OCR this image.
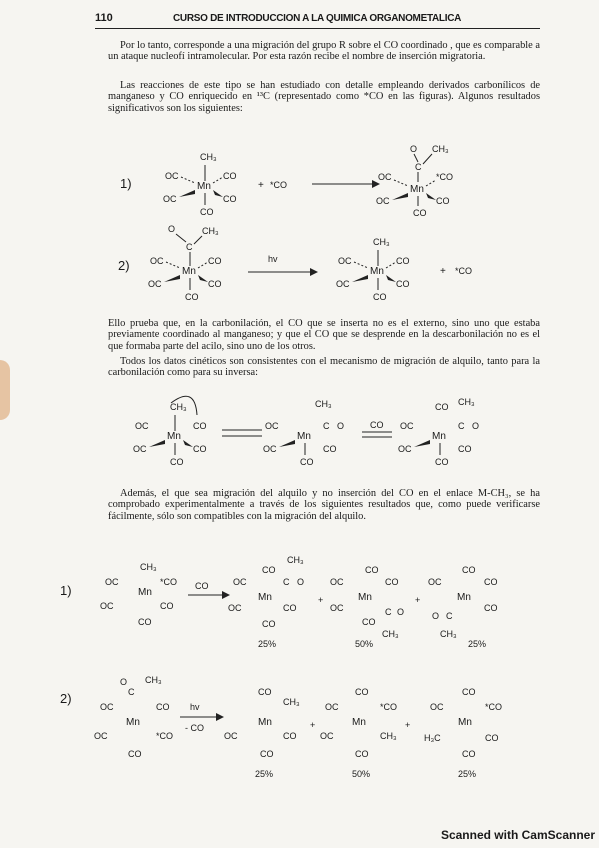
110	CURSO DE INTRODUCCION A LA QUIMICA ORGANOMETALICA

Por lo tanto, corresponde a una migración del grupo R sobre el CO coordinado , que es comparable a un ataque nucleofí intramolecular. Por esta razón recibe el nombre de inserción migratoria.

Las reacciones de este tipo se han estudiado con detalle empleando derivados carbonílicos de manganeso y CO enriquecido en ¹³C (representado como *CO en las figuras). Algunos resultados significativos son los siguientes:

1)
2)
CH₃
Mn
OC	CO
OC	CO
CO
+ *CO
O
C
CH₃
Mn
OC	*CO
OC	CO
CO
O
C
CH₃
Mn
OC	CO
OC	CO
CO
hv
CH₃
Mn
OC	CO
OC	CO
CO
+ *CO

Ello prueba que, en la carbonilación, el CO que se inserta no es el externo, sino uno que estaba previamente coordinado al manganeso; y que el CO que se desprende en la descarbonilación no es el que formaba parte del acilo, sino uno de los otros.

Todos los datos cinéticos son consistentes con el mecanismo de migración de alquilo, tanto para la carbonilación como para su inversa:

CH₃
Mn
OC	CO
OC	CO
CO
CH₃
C O
Mn
OC
OC	CO
CO
CO
CO CH₃
C O
Mn
OC
OC	CO
CO

Además, el que sea migración del alquilo y no inserción del CO en el enlace M-CH₃, se ha comprobado experimentalmente a través de los siguientes resultados que, como puede verificarse fácilmente, sólo son compatibles con la migración del alquilo.

1)
2)
OC
CH₃
Mn
*CO
OC	CO
CO
CO	OC
CO
CH₃
C O
Mn
OC	CO
CO
25%
+
OC
CO
Mn
CO
OC
CO
C O
CH₃
50%
+
OC
CO
Mn
CO
O C
CO
CH₃
25%
O
C
CH₃
OC	CO
Mn
OC	*CO
CO
hv
- CO
CO
CH₃
Mn
OC	CO
CO
25%
+
CO
OC	*CO
Mn
OC	CH₃
CO
50%
+
CO
OC	*CO
Mn
H₃C	CO
CO
25%
Scanned with CamScanner
